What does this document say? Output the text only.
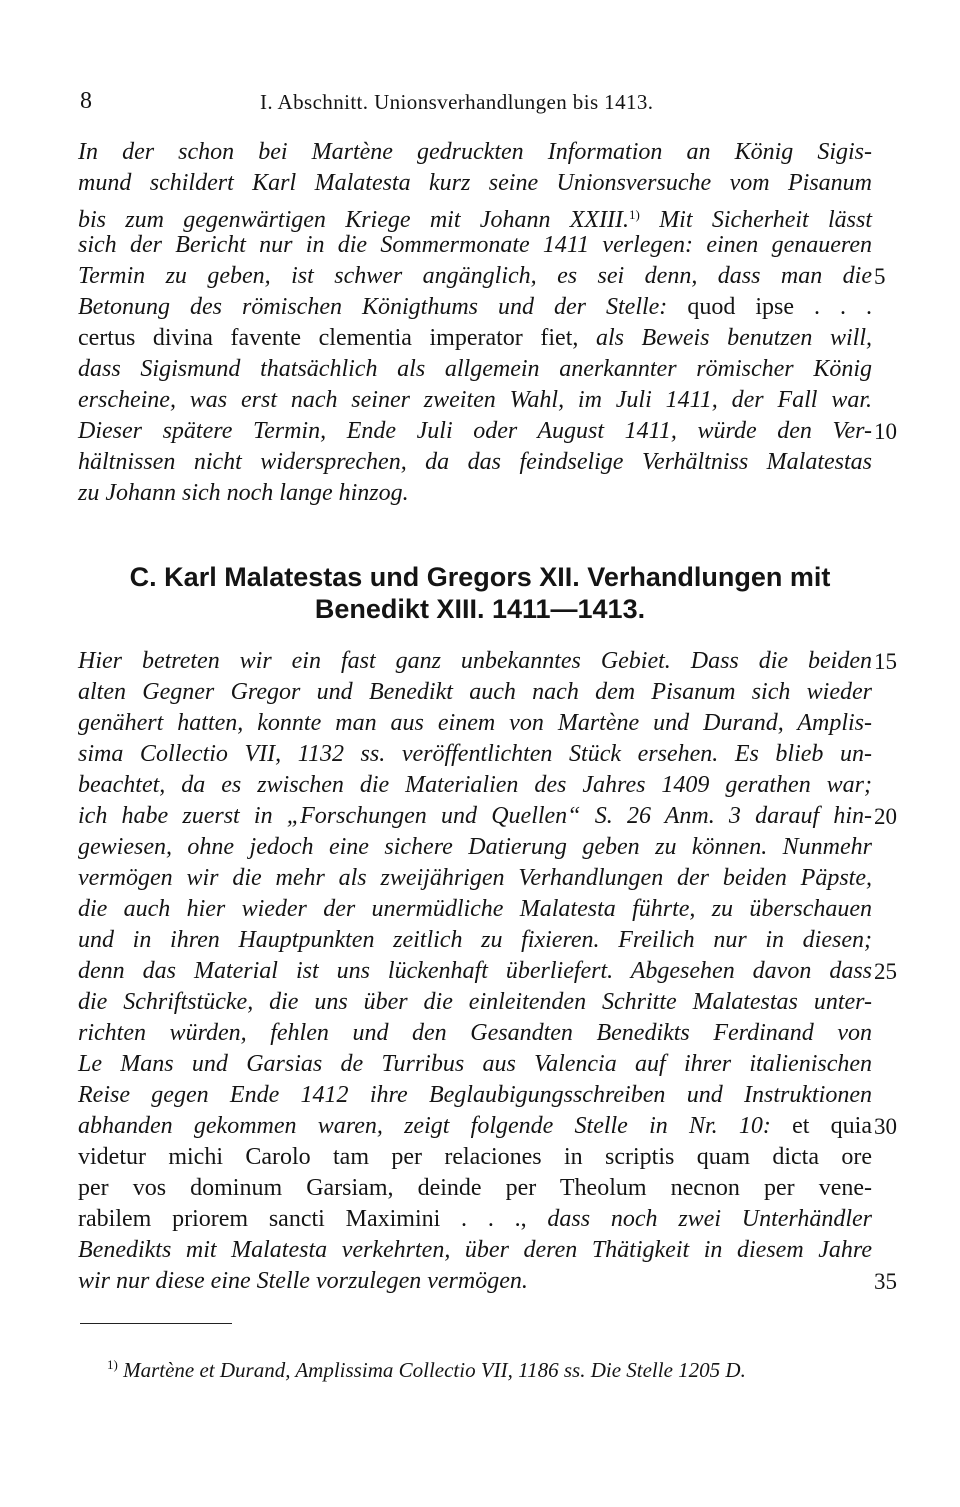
8	I. Abschnitt. Unionsverhandlungen bis 1413.
In der schon bei Martène gedruckten Information an König Sigis-
mund schildert Karl Malatesta kurz seine Unionsversuche vom Pisanum
bis zum gegenwärtigen Kriege mit Johann XXIII.$^{1)}$ Mit Sicherheit lässt
sich der Bericht nur in die Sommermonate 1411 verlegen: einen genaueren
Termin zu geben, ist schwer angänglich, es sei denn, dass man die
Betonung des römischen Königthums und der Stelle: quod ipse . . .
certus divina favente clementia imperator fiet, als Beweis benutzen will,
dass Sigismund thatsächlich als allgemein anerkannter römischer König
erscheine, was erst nach seiner zweiten Wahl, im Juli 1411, der Fall war.
Dieser spätere Termin, Ende Juli oder August 1411, würde den Ver-
hältnissen nicht widersprechen, da das feindselige Verhältniss Malatestas
zu Johann sich noch lange hinzog.
5
10
C. Karl Malatestas und Gregors XII. Verhandlungen mit
Benedikt XIII. 1411—1413.
Hier betreten wir ein fast ganz unbekanntes Gebiet. Dass die beiden
alten Gegner Gregor und Benedikt auch nach dem Pisanum sich wieder
genähert hatten, konnte man aus einem von Martène und Durand, Amplis-
sima Collectio VII, 1132 ss. veröffentlichten Stück ersehen. Es blieb un-
beachtet, da es zwischen die Materialien des Jahres 1409 gerathen war;
ich habe zuerst in „Forschungen und Quellen“ S. 26 Anm. 3 darauf hin-
gewiesen, ohne jedoch eine sichere Datierung geben zu können. Nunmehr
vermögen wir die mehr als zweijährigen Verhandlungen der beiden Päpste,
die auch hier wieder der unermüdliche Malatesta führte, zu überschauen
und in ihren Hauptpunkten zeitlich zu fixieren. Freilich nur in diesen;
denn das Material ist uns lückenhaft überliefert. Abgesehen davon dass
die Schriftstücke, die uns über die einleitenden Schritte Malatestas unter-
richten würden, fehlen und den Gesandten Benedikts Ferdinand von
Le Mans und Garsias de Turribus aus Valencia auf ihrer italienischen
Reise gegen Ende 1412 ihre Beglaubigungsschreiben und Instruktionen
abhanden gekommen waren, zeigt folgende Stelle in Nr. 10: et quia
videtur michi Carolo tam per relaciones in scriptis quam dicta ore
per vos dominum Garsiam, deinde per Theolum necnon per vene-
rabilem priorem sancti Maximini . . ., dass noch zwei Unterhändler
Benedikts mit Malatesta verkehrten, über deren Thätigkeit in diesem Jahre
wir nur diese eine Stelle vorzulegen vermögen.
15
20
25
30
35
$^{1)}$ Martène et Durand, Amplissima Collectio VII, 1186 ss. Die Stelle 1205 D.
